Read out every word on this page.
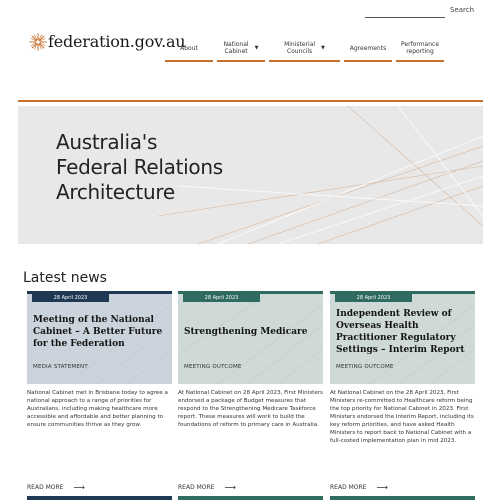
Search
federation.gov.au
About	National
Cabinet
▼	Ministerial
Councils
▼	Agreements Performance
reporting
Australia's
Federal Relations
Architecture
Latest news
28 April 2023
Meeting of the National Cabinet – A Better Future for the Federation
MEDIA STATEMENT
28 April 2023
Strengthening Medicare
MEETING OUTCOME
28 April 2023
Independent Review of Overseas Health Practitioner Regulatory Settings – Interim Report
MEETING OUTCOME
National Cabinet met in Brisbane today to agree a national approach to a range of priorities for Australians, including making healthcare more accessible and affordable and better planning to ensure communities thrive as they grow.
At National Cabinet on 28 April 2023, First Ministers endorsed a package of Budget measures that respond to the Strengthening Medicare Taskforce report. These measures will work to build the foundations of reform to primary care in Australia.
At National Cabinet on the 28 April 2023, First Ministers re-committed to Healthcare reform being the top priority for National Cabinet in 2023. First Ministers endorsed the Interim Report, including its key reform priorities, and have asked Health Ministers to report back to National Cabinet with a full-costed implementation plan in mid 2023.
READ MORE ⟶	READ MORE ⟶	READ MORE ⟶
